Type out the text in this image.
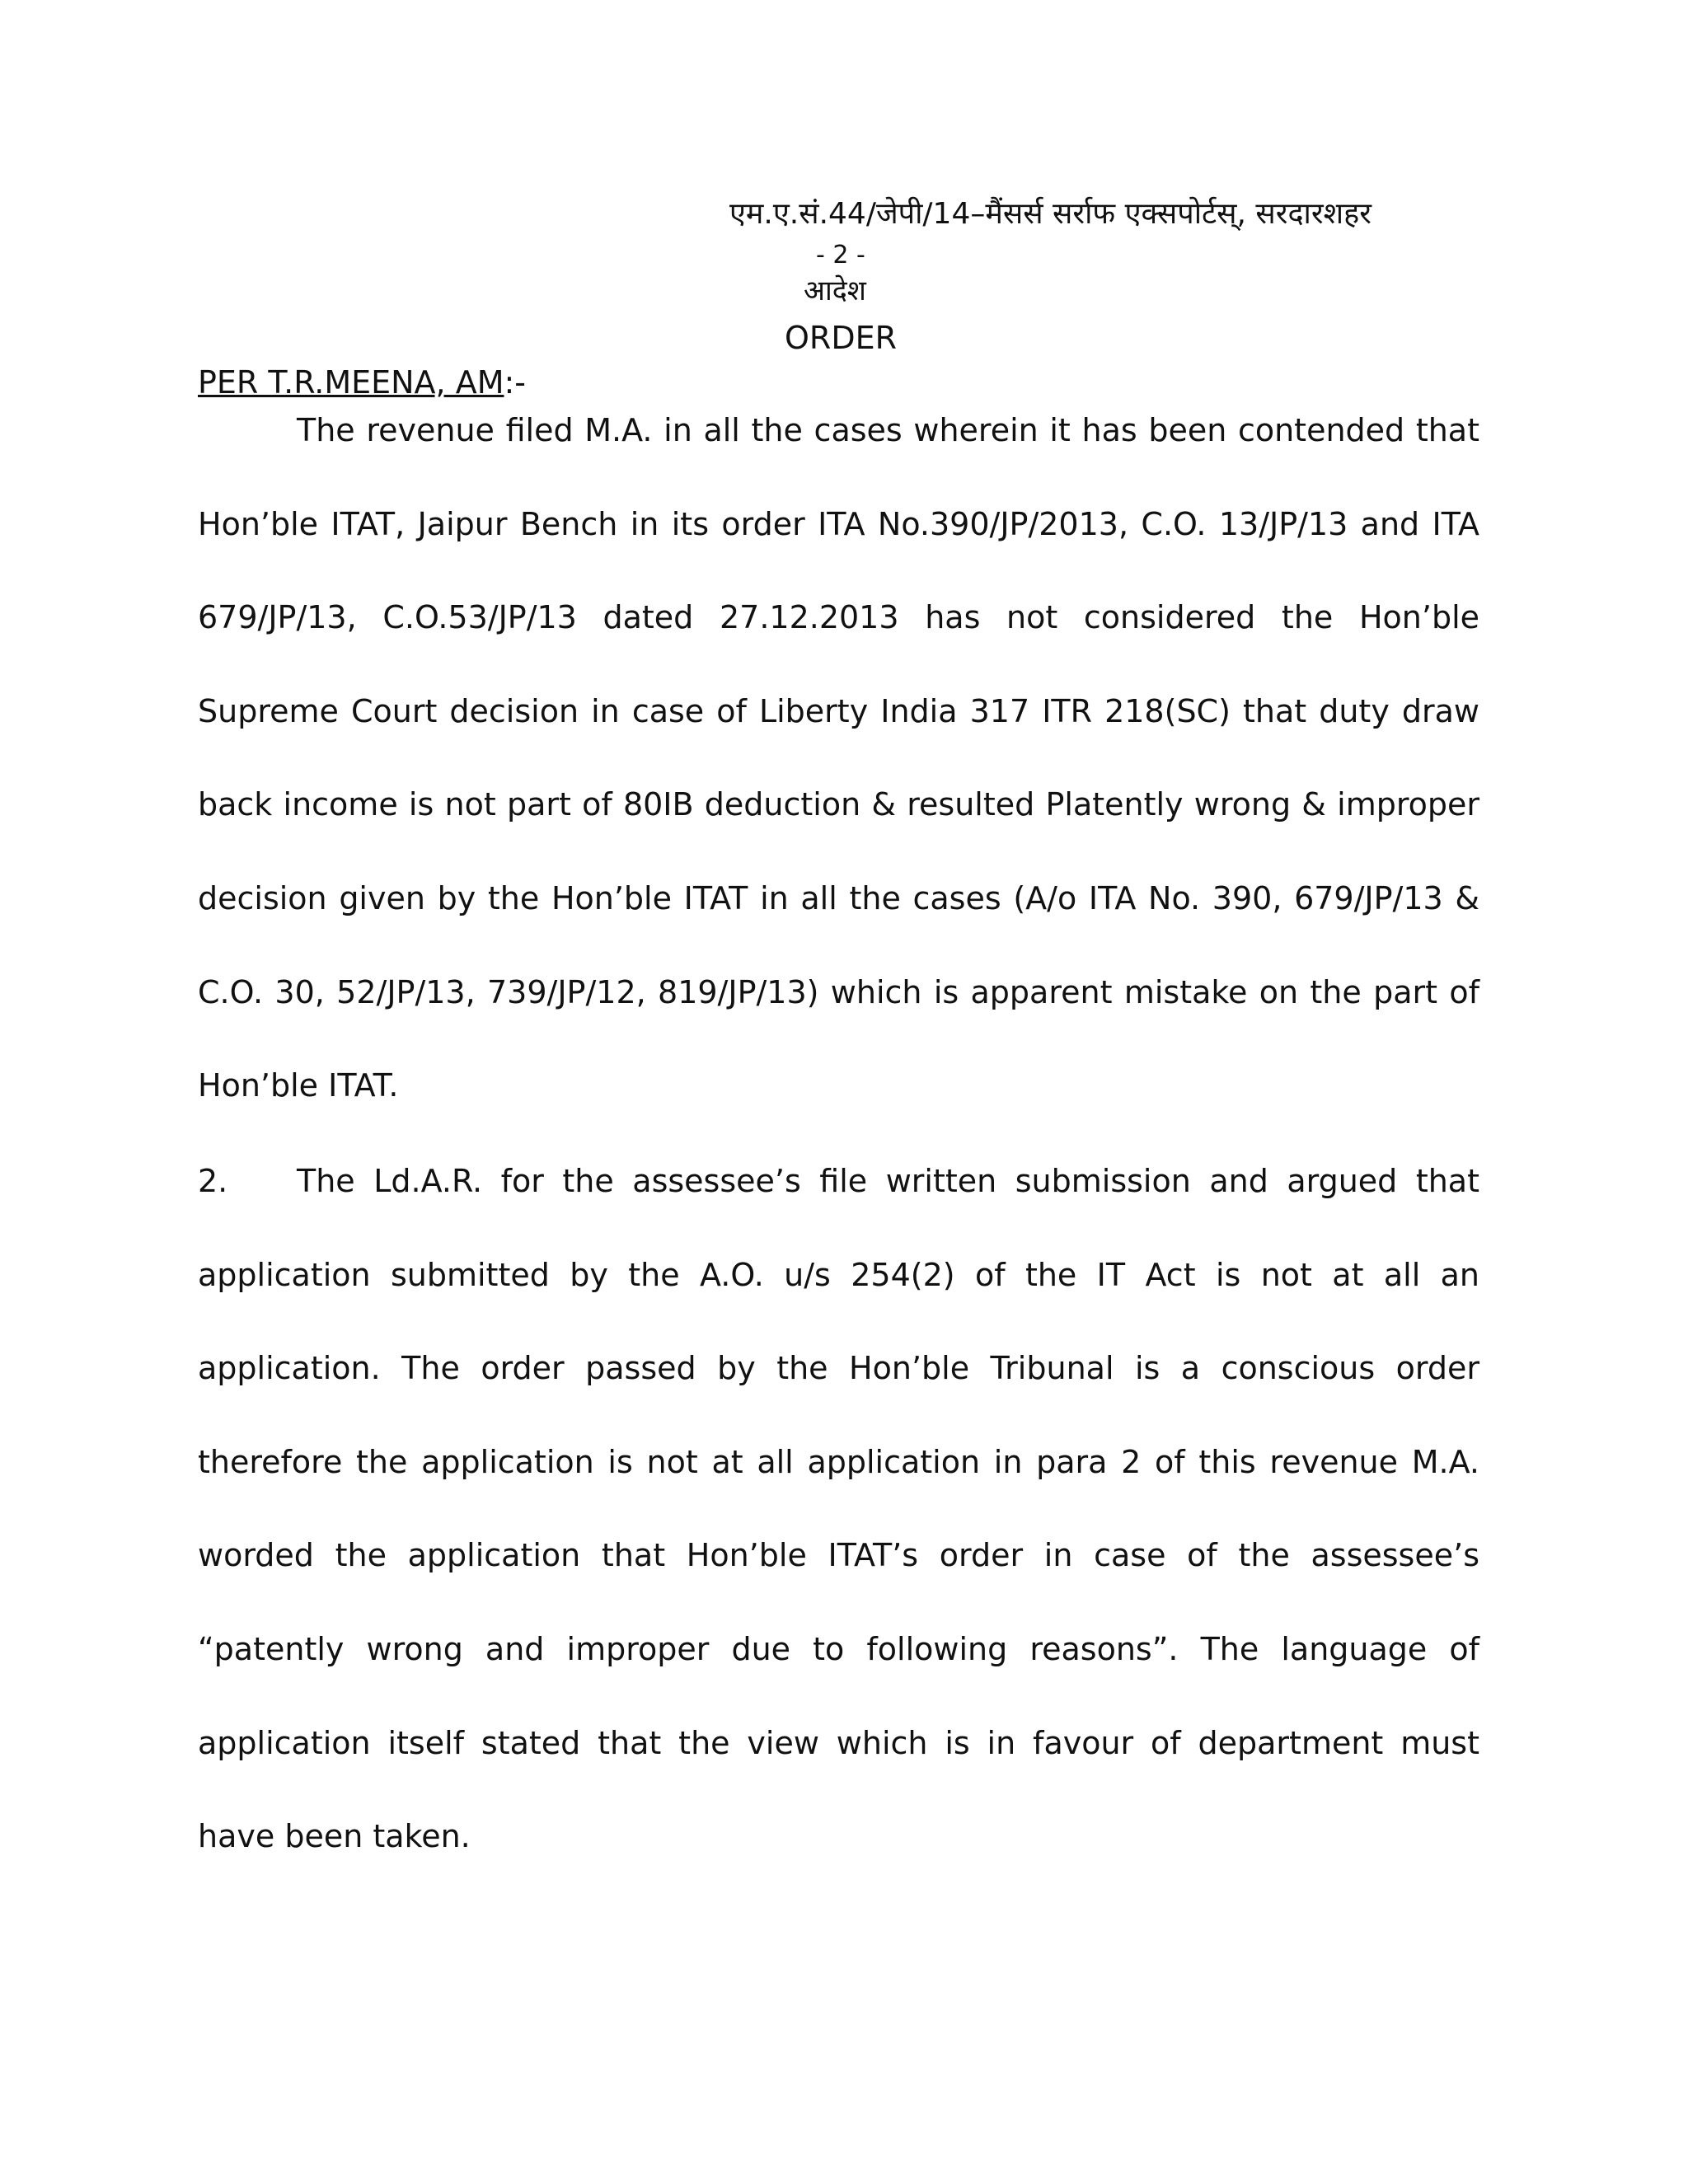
एम.ए.सं.44/जेपी/14–मैंसर्स सर्राफ एक्सपोर्टस्, सरदारशहर
- 2 -
आदेश
ORDER
PER T.R.MEENA, AM:-
The revenue filed M.A. in all the cases wherein it has been contended that
Hon’ble ITAT, Jaipur Bench in its order ITA No.390/JP/2013, C.O. 13/JP/13 and ITA
679/JP/13, C.O.53/JP/13 dated 27.12.2013 has not considered the Hon’ble
Supreme Court decision in case of Liberty India 317 ITR 218(SC) that duty draw
back income is not part of 80IB deduction & resulted Platently wrong & improper
decision given by the Hon’ble ITAT in all the cases (A/o ITA No. 390, 679/JP/13 &
C.O. 30, 52/JP/13, 739/JP/12, 819/JP/13) which is apparent mistake on the part of
Hon’ble ITAT.
2. The Ld.A.R. for the assessee’s file written submission and argued that
application submitted by the A.O. u/s 254(2) of the IT Act is not at all an
application. The order passed by the Hon’ble Tribunal is a conscious order
therefore the application is not at all application in para 2 of this revenue M.A.
worded the application that Hon’ble ITAT’s order in case of the assessee’s
“patently wrong and improper due to following reasons”. The language of
application itself stated that the view which is in favour of department must
have been taken.
